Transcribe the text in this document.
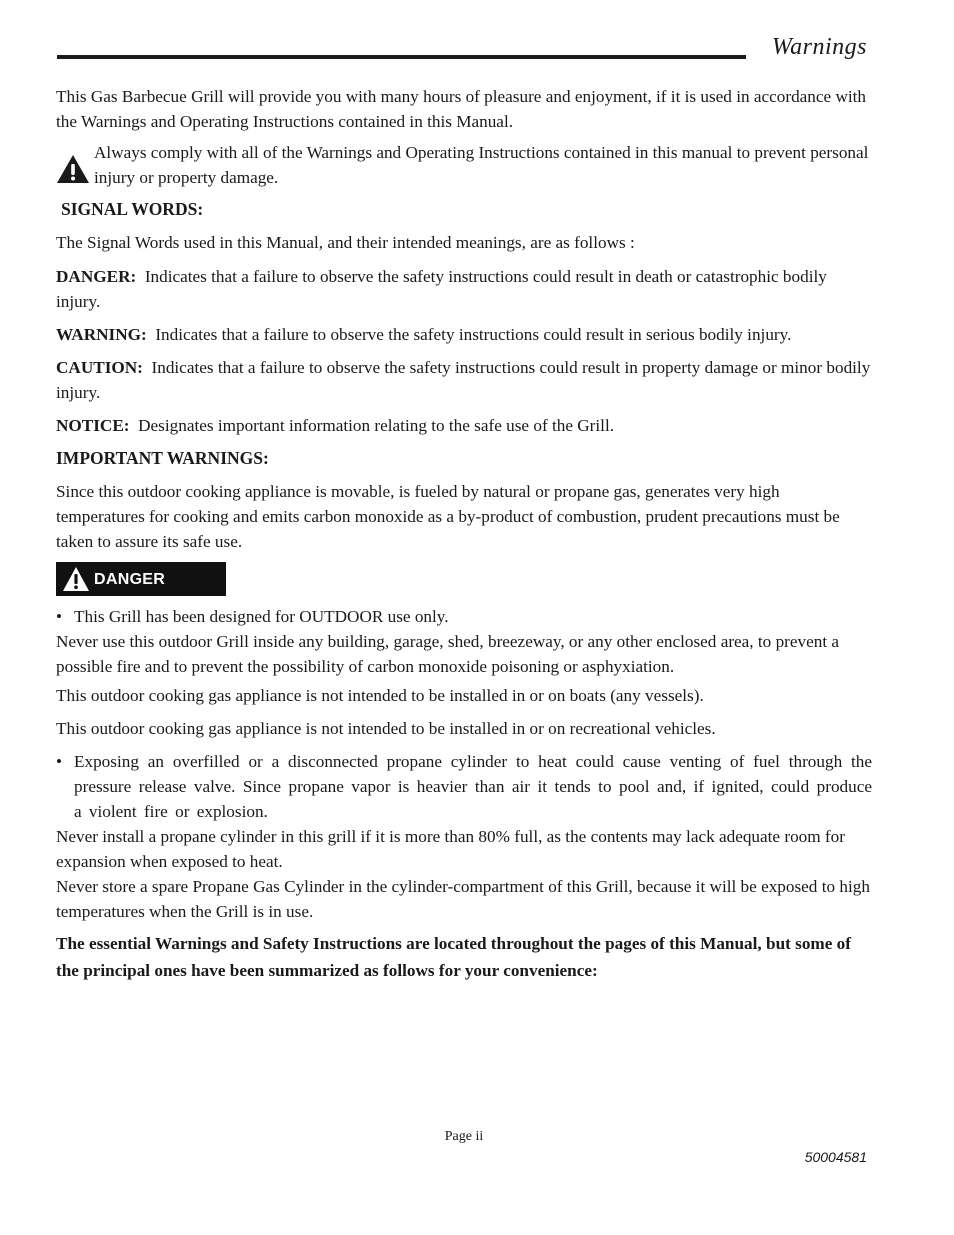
Warnings

This Gas Barbecue Grill will provide you with many hours of pleasure and enjoyment, if it is used in accordance with the Warnings and Operating Instructions contained in this Manual.

Always comply with all of the Warnings and Operating Instructions contained in this manual to prevent personal injury or property damage.

SIGNAL WORDS:

The Signal Words used in this Manual, and their intended meanings, are as follows :

DANGER: Indicates that a failure to observe the safety instructions could result in death or catastrophic bodily injury.

WARNING: Indicates that a failure to observe the safety instructions could result in serious bodily injury.

CAUTION: Indicates that a failure to observe the safety instructions could result in property damage or minor bodily injury.

NOTICE: Designates important information relating to the safe use of the Grill.

IMPORTANT WARNINGS:

Since this outdoor cooking appliance is movable, is fueled by natural or propane gas, generates very high temperatures for cooking and emits carbon monoxide as a by-product of combustion, prudent precautions must be taken to assure its safe use.

DANGER
• This Grill has been designed for OUTDOOR use only.

Never use this outdoor Grill inside any building, garage, shed, breezeway, or any other enclosed area, to prevent a possible fire and to prevent the possibility of carbon monoxide poisoning or asphyxiation.

This outdoor cooking gas appliance is not intended to be installed in or on boats (any vessels).

This outdoor cooking gas appliance is not intended to be installed in or on recreational vehicles.

• Exposing an overfilled or a disconnected propane cylinder to heat could cause venting of fuel through the pressure release valve. Since propane vapor is heavier than air it tends to pool and, if ignited, could produce a violent fire or explosion.

Never install a propane cylinder in this grill if it is more than 80% full, as the contents may lack adequate room for expansion when exposed to heat.

Never store a spare Propane Gas Cylinder in the cylinder-compartment of this Grill, because it will be exposed to high temperatures when the Grill is in use.

The essential Warnings and Safety Instructions are located throughout the pages of this Manual, but some of the principal ones have been summarized as follows for your convenience:

Page ii
50004581
